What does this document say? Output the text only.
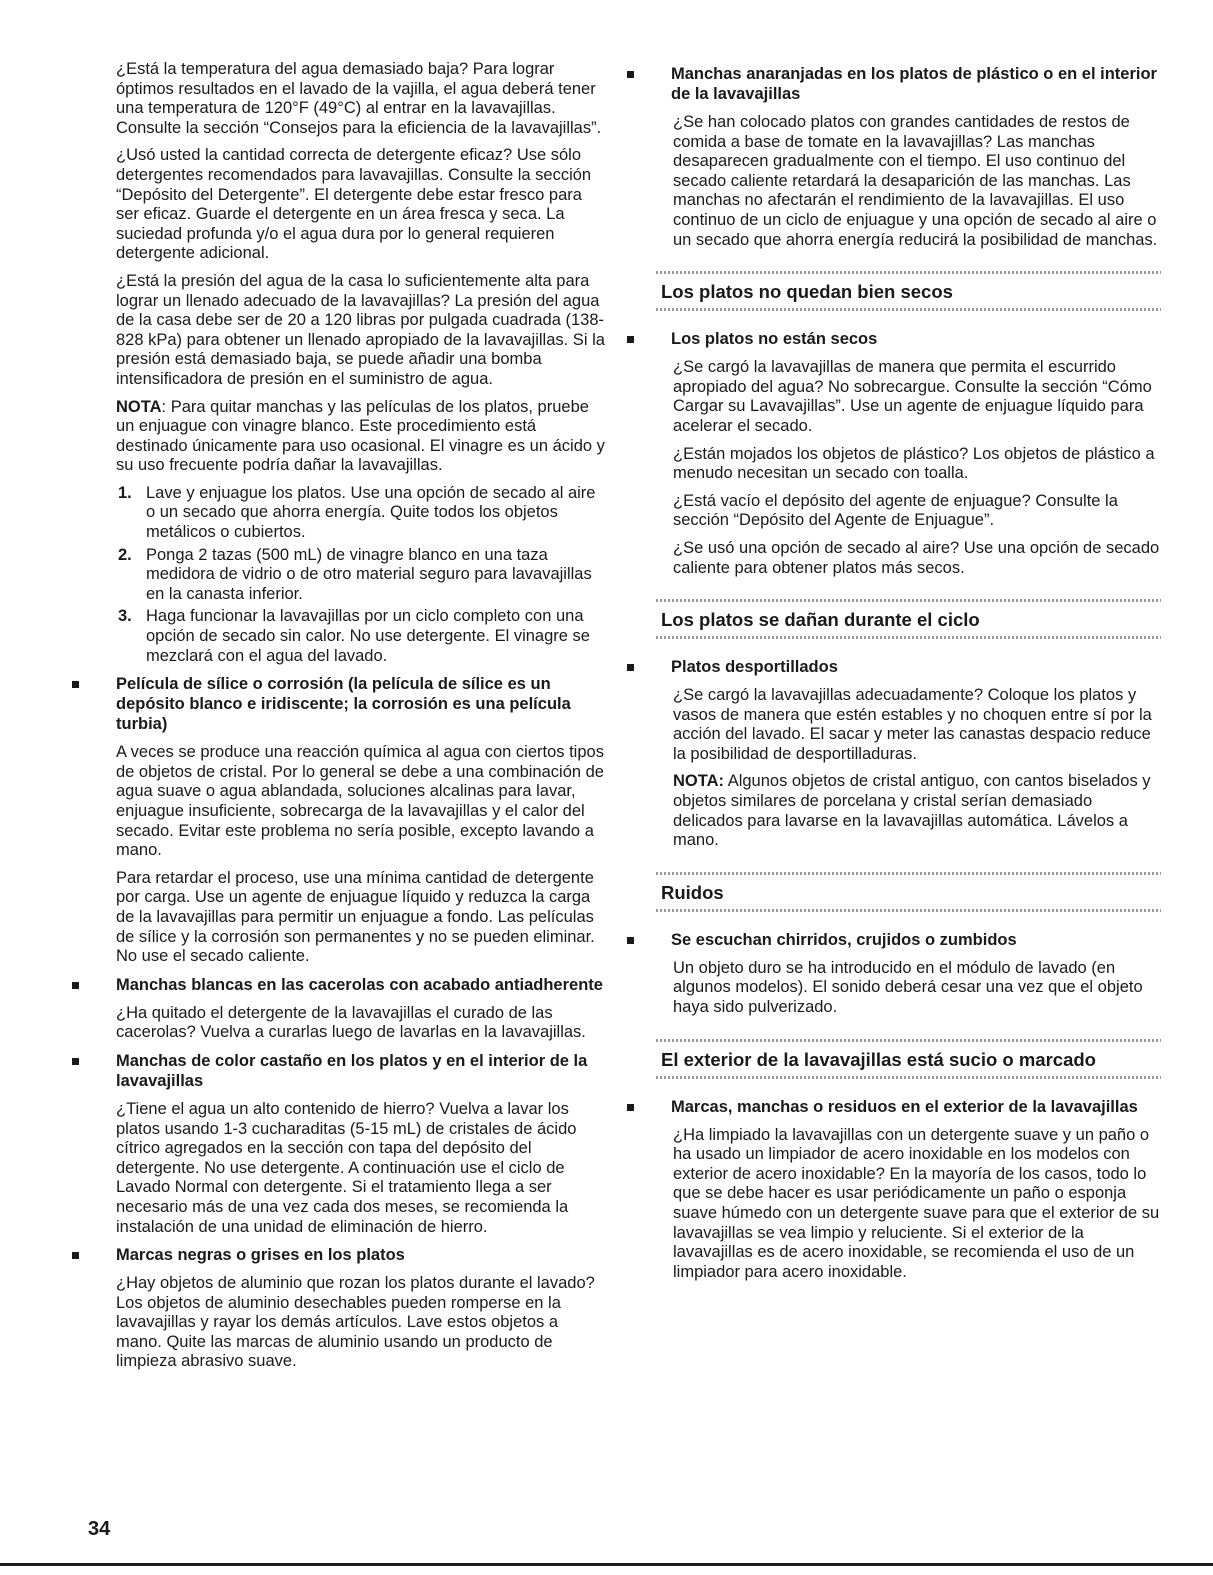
¿Está la temperatura del agua demasiado baja? Para lograr óptimos resultados en el lavado de la vajilla, el agua deberá tener una temperatura de 120°F (49°C) al entrar en la lavavajillas. Consulte la sección “Consejos para la eficiencia de la lavavajillas”.

¿Usó usted la cantidad correcta de detergente eficaz? Use sólo detergentes recomendados para lavavajillas. Consulte la sección “Depósito del Detergente”. El detergente debe estar fresco para ser eficaz. Guarde el detergente en un área fresca y seca. La suciedad profunda y/o el agua dura por lo general requieren detergente adicional.

¿Está la presión del agua de la casa lo suficientemente alta para lograr un llenado adecuado de la lavavajillas? La presión del agua de la casa debe ser de 20 a 120 libras por pulgada cuadrada (138-828 kPa) para obtener un llenado apropiado de la lavavajillas. Si la presión está demasiado baja, se puede añadir una bomba intensificadora de presión en el suministro de agua.

NOTA: Para quitar manchas y las películas de los platos, pruebe un enjuague con vinagre blanco. Este procedimiento está destinado únicamente para uso ocasional. El vinagre es un ácido y su uso frecuente podría dañar la lavavajillas.

1. Lave y enjuague los platos. Use una opción de secado al aire o un secado que ahorra energía. Quite todos los objetos metálicos o cubiertos.
2. Ponga 2 tazas (500 mL) de vinagre blanco en una taza medidora de vidrio o de otro material seguro para lavavajillas en la canasta inferior.
3. Haga funcionar la lavavajillas por un ciclo completo con una opción de secado sin calor. No use detergente. El vinagre se mezclará con el agua del lavado.
Película de sílice o corrosión (la película de sílice es un depósito blanco e iridiscente; la corrosión es una película turbia)

A veces se produce una reacción química al agua con ciertos tipos de objetos de cristal. Por lo general se debe a una combinación de agua suave o agua ablandada, soluciones alcalinas para lavar, enjuague insuficiente, sobrecarga de la lavavajillas y el calor del secado. Evitar este problema no sería posible, excepto lavando a mano.

Para retardar el proceso, use una mínima cantidad de detergente por carga. Use un agente de enjuague líquido y reduzca la carga de la lavavajillas para permitir un enjuague a fondo. Las películas de sílice y la corrosión son permanentes y no se pueden eliminar. No use el secado caliente.

Manchas blancas en las cacerolas con acabado antiadherente

¿Ha quitado el detergente de la lavavajillas el curado de las cacerolas? Vuelva a curarlas luego de lavarlas en la lavavajillas.

Manchas de color castaño en los platos y en el interior de la lavavajillas

¿Tiene el agua un alto contenido de hierro? Vuelva a lavar los platos usando 1-3 cucharaditas (5-15 mL) de cristales de ácido cítrico agregados en la sección con tapa del depósito del detergente. No use detergente. A continuación use el ciclo de Lavado Normal con detergente. Si el tratamiento llega a ser necesario más de una vez cada dos meses, se recomienda la instalación de una unidad de eliminación de hierro.

Marcas negras o grises en los platos

¿Hay objetos de aluminio que rozan los platos durante el lavado? Los objetos de aluminio desechables pueden romperse en la lavavajillas y rayar los demás artículos. Lave estos objetos a mano. Quite las marcas de aluminio usando un producto de limpieza abrasivo suave.

Manchas anaranjadas en los platos de plástico o en el interior de la lavavajillas

¿Se han colocado platos con grandes cantidades de restos de comida a base de tomate en la lavavajillas? Las manchas desaparecen gradualmente con el tiempo. El uso continuo del secado caliente retardará la desaparición de las manchas. Las manchas no afectarán el rendimiento de la lavavajillas. El uso continuo de un ciclo de enjuague y una opción de secado al aire o un secado que ahorra energía reducirá la posibilidad de manchas.

Los platos no quedan bien secos
Los platos no están secos

¿Se cargó la lavavajillas de manera que permita el escurrido apropiado del agua? No sobrecargue. Consulte la sección “Cómo Cargar su Lavavajillas”. Use un agente de enjuague líquido para acelerar el secado.

¿Están mojados los objetos de plástico? Los objetos de plástico a menudo necesitan un secado con toalla.

¿Está vacío el depósito del agente de enjuague? Consulte la sección “Depósito del Agente de Enjuague”.

¿Se usó una opción de secado al aire? Use una opción de secado caliente para obtener platos más secos.

Los platos se dañan durante el ciclo
Platos desportillados

¿Se cargó la lavavajillas adecuadamente? Coloque los platos y vasos de manera que estén estables y no choquen entre sí por la acción del lavado. El sacar y meter las canastas despacio reduce la posibilidad de desportilladuras.

NOTA: Algunos objetos de cristal antiguo, con cantos biselados y objetos similares de porcelana y cristal serían demasiado delicados para lavarse en la lavavajillas automática. Lávelos a mano.

Ruidos
Se escuchan chirridos, crujidos o zumbidos

Un objeto duro se ha introducido en el módulo de lavado (en algunos modelos). El sonido deberá cesar una vez que el objeto haya sido pulverizado.

El exterior de la lavavajillas está sucio o marcado
Marcas, manchas o residuos en el exterior de la lavavajillas

¿Ha limpiado la lavavajillas con un detergente suave y un paño o ha usado un limpiador de acero inoxidable en los modelos con exterior de acero inoxidable? En la mayoría de los casos, todo lo que se debe hacer es usar periódicamente un paño o esponja suave húmedo con un detergente suave para que el exterior de su lavavajillas se vea limpio y reluciente. Si el exterior de la lavavajillas es de acero inoxidable, se recomienda el uso de un limpiador para acero inoxidable.

34
